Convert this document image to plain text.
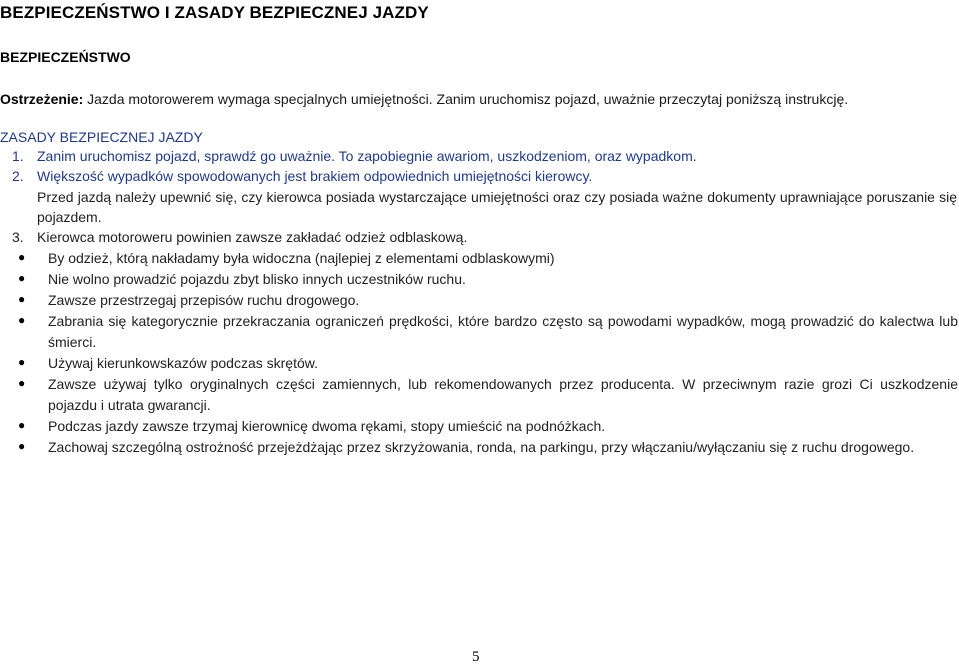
BEZPIECZEŃSTWO I ZASADY BEZPIECZNEJ JAZDY
BEZPIECZEŃSTWO
Ostrzeżenie: Jazda motorowerem wymaga specjalnych umiejętności. Zanim uruchomisz pojazd, uważnie przeczytaj poniższą instrukcję.
ZASADY BEZPIECZNEJ JAZDY
1. Zanim uruchomisz pojazd, sprawdź go uważnie. To zapobiegnie awariom, uszkodzeniom, oraz wypadkom.
2. Większość wypadków spowodowanych jest brakiem odpowiednich umiejętności kierowcy.
Przed jazdą należy upewnić się, czy kierowca posiada wystarczające umiejętności oraz czy posiada ważne dokumenty uprawniające poruszanie się pojazdem.
3. Kierowca motoroweru powinien zawsze zakładać odzież odblaskową.
● By odzież, którą nakładamy była widoczna (najlepiej z elementami odblaskowymi)
● Nie wolno prowadzić pojazdu zbyt blisko innych uczestników ruchu.
● Zawsze przestrzegaj przepisów ruchu drogowego.
● Zabrania się kategorycznie przekraczania ograniczeń prędkości, które bardzo często są powodami wypadków, mogą prowadzić do kalectwa lub śmierci.
● Używaj kierunkowskazów podczas skrętów.
● Zawsze używaj tylko oryginalnych części zamiennych, lub rekomendowanych przez producenta. W przeciwnym razie grozi Ci uszkodzenie pojazdu i utrata gwarancji.
● Podczas jazdy zawsze trzymaj kierownicę dwoma rękami, stopy umieścić na podnóżkach.
● Zachowaj szczególną ostrożność przejeżdżając przez skrzyżowania, ronda, na parkingu, przy włączaniu/wyłączaniu się z ruchu drogowego.
5
